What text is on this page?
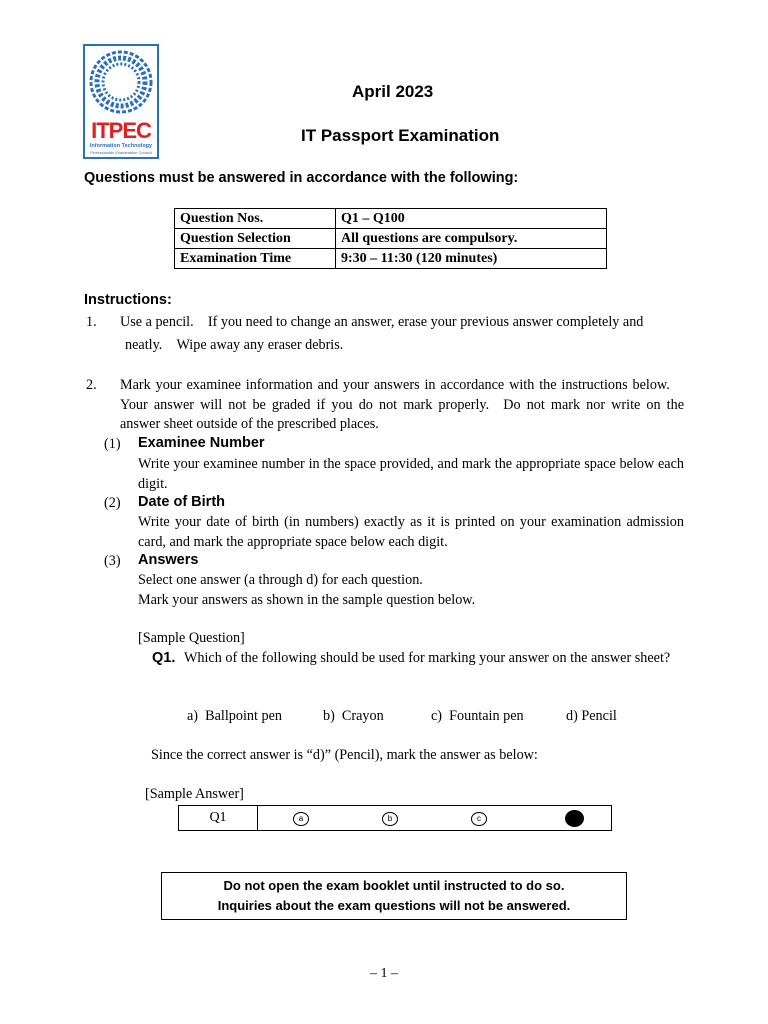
ITPEC
Information Technology
Professionals Examination Council
April 2023
IT Passport Examination
Questions must be answered in accordance with the following:
Question Nos.	Q1 – Q100
Question Selection	All questions are compulsory.
Examination Time	9:30 – 11:30 (120 minutes)
Instructions:
1. Use a pencil. If you need to change an answer, erase your previous answer completely and
neatly. Wipe away any eraser debris.
2. Mark your examinee information and your answers in accordance with the instructions below. Your answer will not be graded if you do not mark properly. Do not mark nor write on the answer sheet outside of the prescribed places.
(1) Examinee Number
Write your examinee number in the space provided, and mark the appropriate space below each digit.
(2) Date of Birth
Write your date of birth (in numbers) exactly as it is printed on your examination admission card, and mark the appropriate space below each digit.
(3) Answers
Select one answer (a through d) for each question.
Mark your answers as shown in the sample question below.
[Sample Question]
Q1. Which of the following should be used for marking your answer on the answer sheet?
a)  Ballpoint pen	b)  Crayon	c)  Fountain pen	d) Pencil
Since the correct answer is “d)” (Pencil), mark the answer as below:
[Sample Answer]
Q1	a	b	c
Do not open the exam booklet until instructed to do so.
Inquiries about the exam questions will not be answered.
– 1 –
